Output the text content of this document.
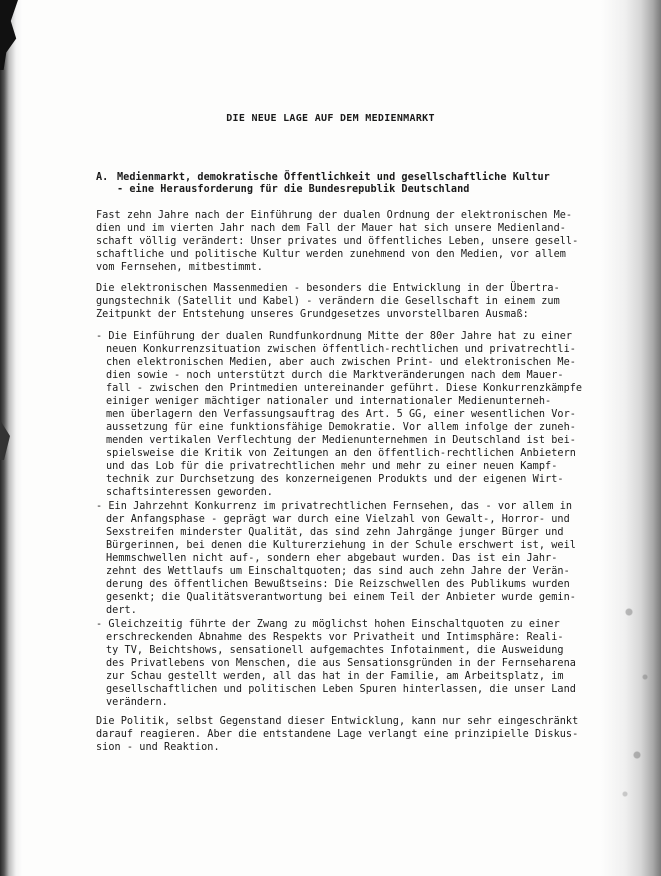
DIE NEUE LAGE AUF DEM MEDIENMARKT
A. Medienmarkt, demokratische Öffentlichkeit und gesellschaftliche Kultur
- eine Herausforderung für die Bundesrepublik Deutschland
Fast zehn Jahre nach der Einführung der dualen Ordnung der elektronischen Me-
dien und im vierten Jahr nach dem Fall der Mauer hat sich unsere Medienland-
schaft völlig verändert: Unser privates und öffentliches Leben, unsere gesell-
schaftliche und politische Kultur werden zunehmend von den Medien, vor allem
vom Fernsehen, mitbestimmt.
Die elektronischen Massenmedien - besonders die Entwicklung in der Übertra-
gungstechnik (Satellit und Kabel) - verändern die Gesellschaft in einem zum
Zeitpunkt der Entstehung unseres Grundgesetzes unvorstellbaren Ausmaß:
- Die Einführung der dualen Rundfunkordnung Mitte der 80er Jahre hat zu einer
neuen Konkurrenzsituation zwischen öffentlich-rechtlichen und privatrechtli-
chen elektronischen Medien, aber auch zwischen Print- und elektronischen Me-
dien sowie - noch unterstützt durch die Marktveränderungen nach dem Mauer-
fall - zwischen den Printmedien untereinander geführt. Diese Konkurrenzkämpfe
einiger weniger mächtiger nationaler und internationaler Medienunterneh-
men überlagern den Verfassungsauftrag des Art. 5 GG, einer wesentlichen Vor-
aussetzung für eine funktionsfähige Demokratie. Vor allem infolge der zuneh-
menden vertikalen Verflechtung der Medienunternehmen in Deutschland ist bei-
spielsweise die Kritik von Zeitungen an den öffentlich-rechtlichen Anbietern
und das Lob für die privatrechtlichen mehr und mehr zu einer neuen Kampf-
technik zur Durchsetzung des konzerneigenen Produkts und der eigenen Wirt-
schaftsinteressen geworden.
- Ein Jahrzehnt Konkurrenz im privatrechtlichen Fernsehen, das - vor allem in
der Anfangsphase - geprägt war durch eine Vielzahl von Gewalt-, Horror- und
Sexstreifen minderster Qualität, das sind zehn Jahrgänge junger Bürger und
Bürgerinnen, bei denen die Kulturerziehung in der Schule erschwert ist, weil
Hemmschwellen nicht auf-, sondern eher abgebaut wurden. Das ist ein Jahr-
zehnt des Wettlaufs um Einschaltquoten; das sind auch zehn Jahre der Verän-
derung des öffentlichen Bewußtseins: Die Reizschwellen des Publikums wurden
gesenkt; die Qualitätsverantwortung bei einem Teil der Anbieter wurde gemin-
dert.
- Gleichzeitig führte der Zwang zu möglichst hohen Einschaltquoten zu einer
erschreckenden Abnahme des Respekts vor Privatheit und Intimsphäre: Reali-
ty TV, Beichtshows, sensationell aufgemachtes Infotainment, die Ausweidung
des Privatlebens von Menschen, die aus Sensationsgründen in der Fernseharena
zur Schau gestellt werden, all das hat in der Familie, am Arbeitsplatz, im
gesellschaftlichen und politischen Leben Spuren hinterlassen, die unser Land
verändern.
Die Politik, selbst Gegenstand dieser Entwicklung, kann nur sehr eingeschränkt
darauf reagieren. Aber die entstandene Lage verlangt eine prinzipielle Diskus-
sion - und Reaktion.
